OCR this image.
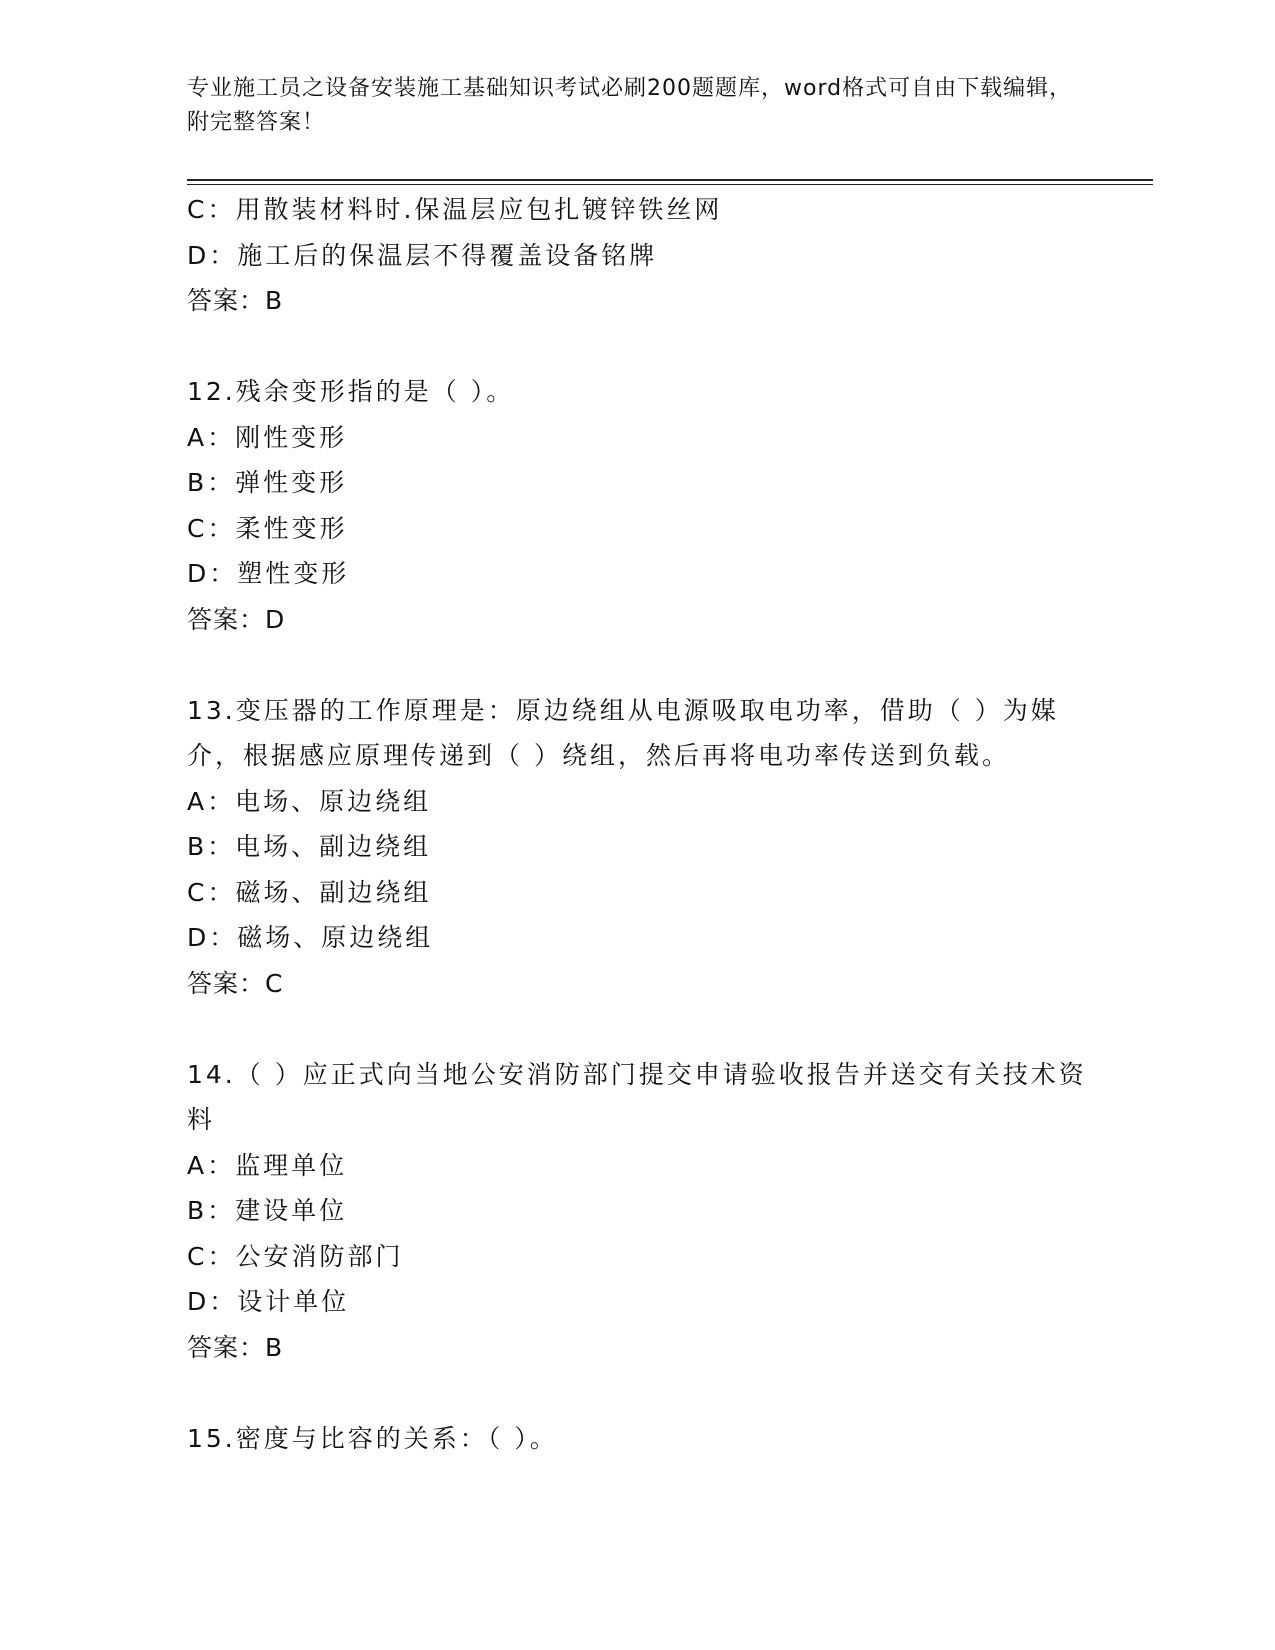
专业施工员之设备安装施工基础知识考试必刷200题题库，word格式可自由下载编辑，附完整答案！
C：用散装材料时.保温层应包扎镀锌铁丝网
D：施工后的保温层不得覆盖设备铭牌
答案：B
12.残余变形指的是（ ）。
A：刚性变形
B：弹性变形
C：柔性变形
D：塑性变形
答案：D
13.变压器的工作原理是：原边绕组从电源吸取电功率，借助（ ）为媒介，根据感应原理传递到（ ）绕组，然后再将电功率传送到负载。
A：电场、原边绕组
B：电场、副边绕组
C：磁场、副边绕组
D：磁场、原边绕组
答案：C
14.（ ）应正式向当地公安消防部门提交申请验收报告并送交有关技术资料
A：监理单位
B：建设单位
C：公安消防部门
D：设计单位
答案：B
15.密度与比容的关系：（ ）。
